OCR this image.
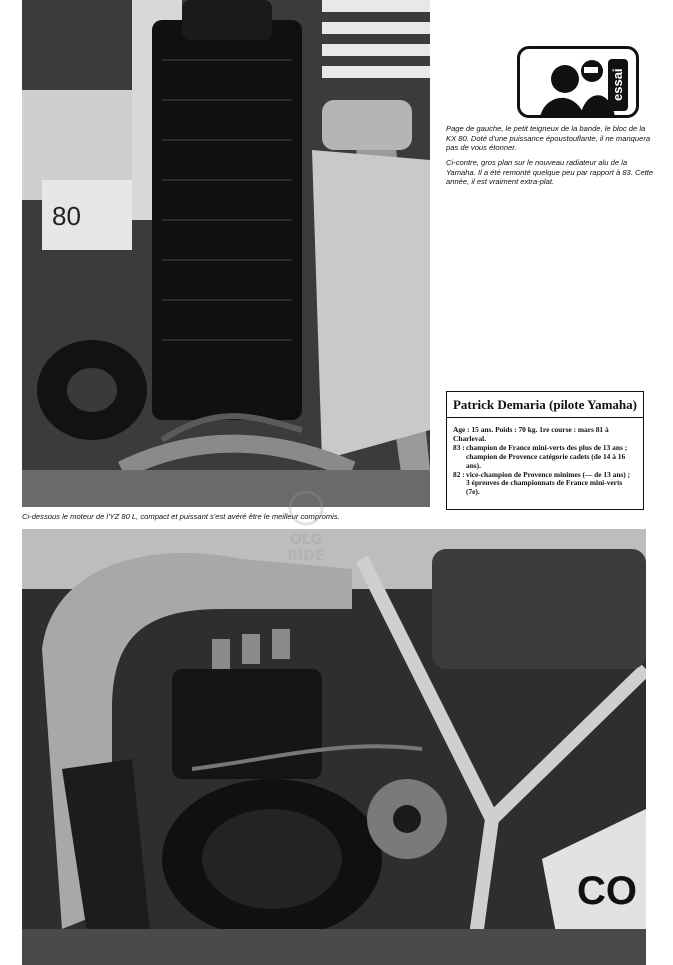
80
essai
Page de gauche, le petit teigneux de la bande, le bloc de la KX 80. Doté d'une puissance époustouflante, il ne manquera pas de vous étonner.
Ci-contre, gros plan sur le nouveau radiateur alu de la Yamaha. Il a été remonté quelque peu par rapport à 83. Cette année, il est vraiment extra-plat.
Patrick Demaria (pilote Yamaha)
Age : 15 ans. Poids : 70 kg. 1re course : mars 81 à Charleval.
83 : champion de France mini-verts des plus de 13 ans ;
champion de Provence catégorie cadets (de 14 à 16 ans).
82 : vice-champion de Provence minimes (— de 13 ans) ;
3 épreuves de championnats de France mini-verts (7e).
Ci-dessous le moteur de l'YZ 80 L, compact et puissant s'est avéré être le meilleur compromis.
CO
OLG RIDE
